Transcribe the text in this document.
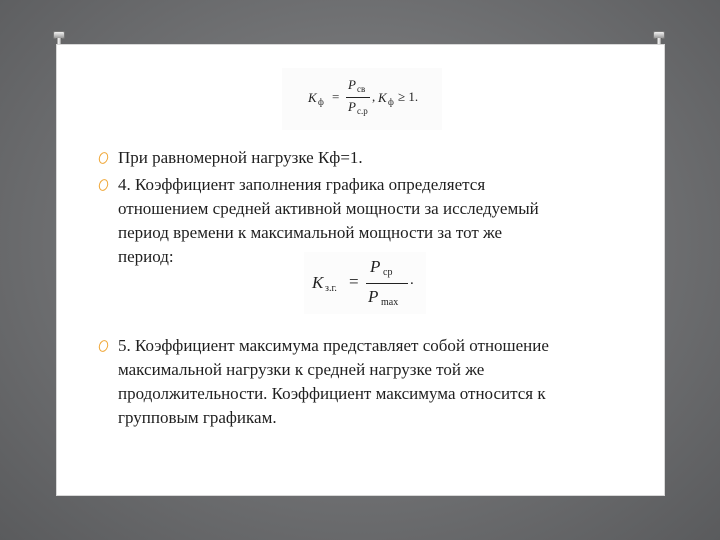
K ф =
P св
P с.р
, K ф ≥ 1.
При равномерной нагрузке Кф=1.
4. Коэффициент заполнения графика определяется
отношением средней активной мощности за исследуемый
период времени к максимальной мощности за тот же
период:
K з.г. =
P ср
P max
.
5. Коэффициент максимума представляет собой отношение
максимальной нагрузки к средней нагрузке той же
продолжительности. Коэффициент максимума относится к
групповым графикам.
